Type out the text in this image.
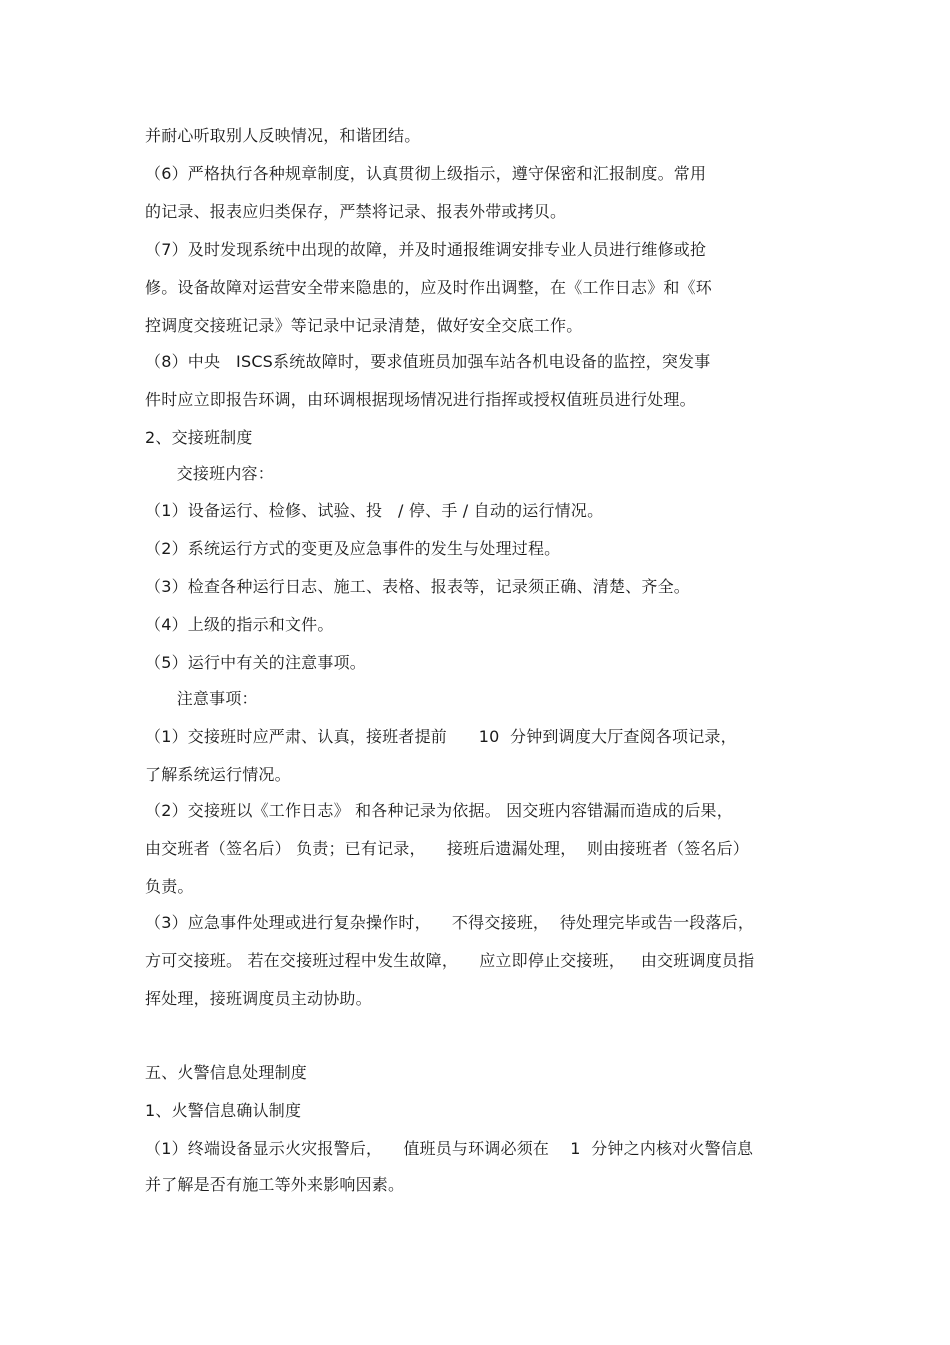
并耐心听取别人反映情况，和谐团结。
（6）严格执行各种规章制度，认真贯彻上级指示，遵守保密和汇报制度。常用
的记录、报表应归类保存，严禁将记录、报表外带或拷贝。
（7）及时发现系统中出现的故障，并及时通报维调安排专业人员进行维修或抢
修。设备故障对运营安全带来隐患的，应及时作出调整，在《工作日志》和《环
控调度交接班记录》等记录中记录清楚，做好安全交底工作。
（8）中央   ISCS系统故障时，要求值班员加强车站各机电设备的监控，突发事
件时应立即报告环调，由环调根据现场情况进行指挥或授权值班员进行处理。
2、交接班制度
交接班内容：
（1）设备运行、检修、试验、投   / 停、手 / 自动的运行情况。
（2）系统运行方式的变更及应急事件的发生与处理过程。
（3）检查各种运行日志、施工、表格、报表等，记录须正确、清楚、齐全。
（4）上级的指示和文件。
（5）运行中有关的注意事项。
注意事项：
（1）交接班时应严肃、认真，接班者提前      10  分钟到调度大厅查阅各项记录，
了解系统运行情况。
（2）交接班以《工作日志》 和各种记录为依据。 因交班内容错漏而造成的后果，
由交班者（签名后） 负责；已有记录，    接班后遗漏处理，  则由接班者（签名后）
负责。
（3）应急事件处理或进行复杂操作时，    不得交接班，  待处理完毕或告一段落后，
方可交接班。 若在交接班过程中发生故障，    应立即停止交接班，   由交班调度员指
挥处理，接班调度员主动协助。
五、火警信息处理制度
1、火警信息确认制度
（1）终端设备显示火灾报警后，    值班员与环调必须在    1  分钟之内核对火警信息
并了解是否有施工等外来影响因素。
